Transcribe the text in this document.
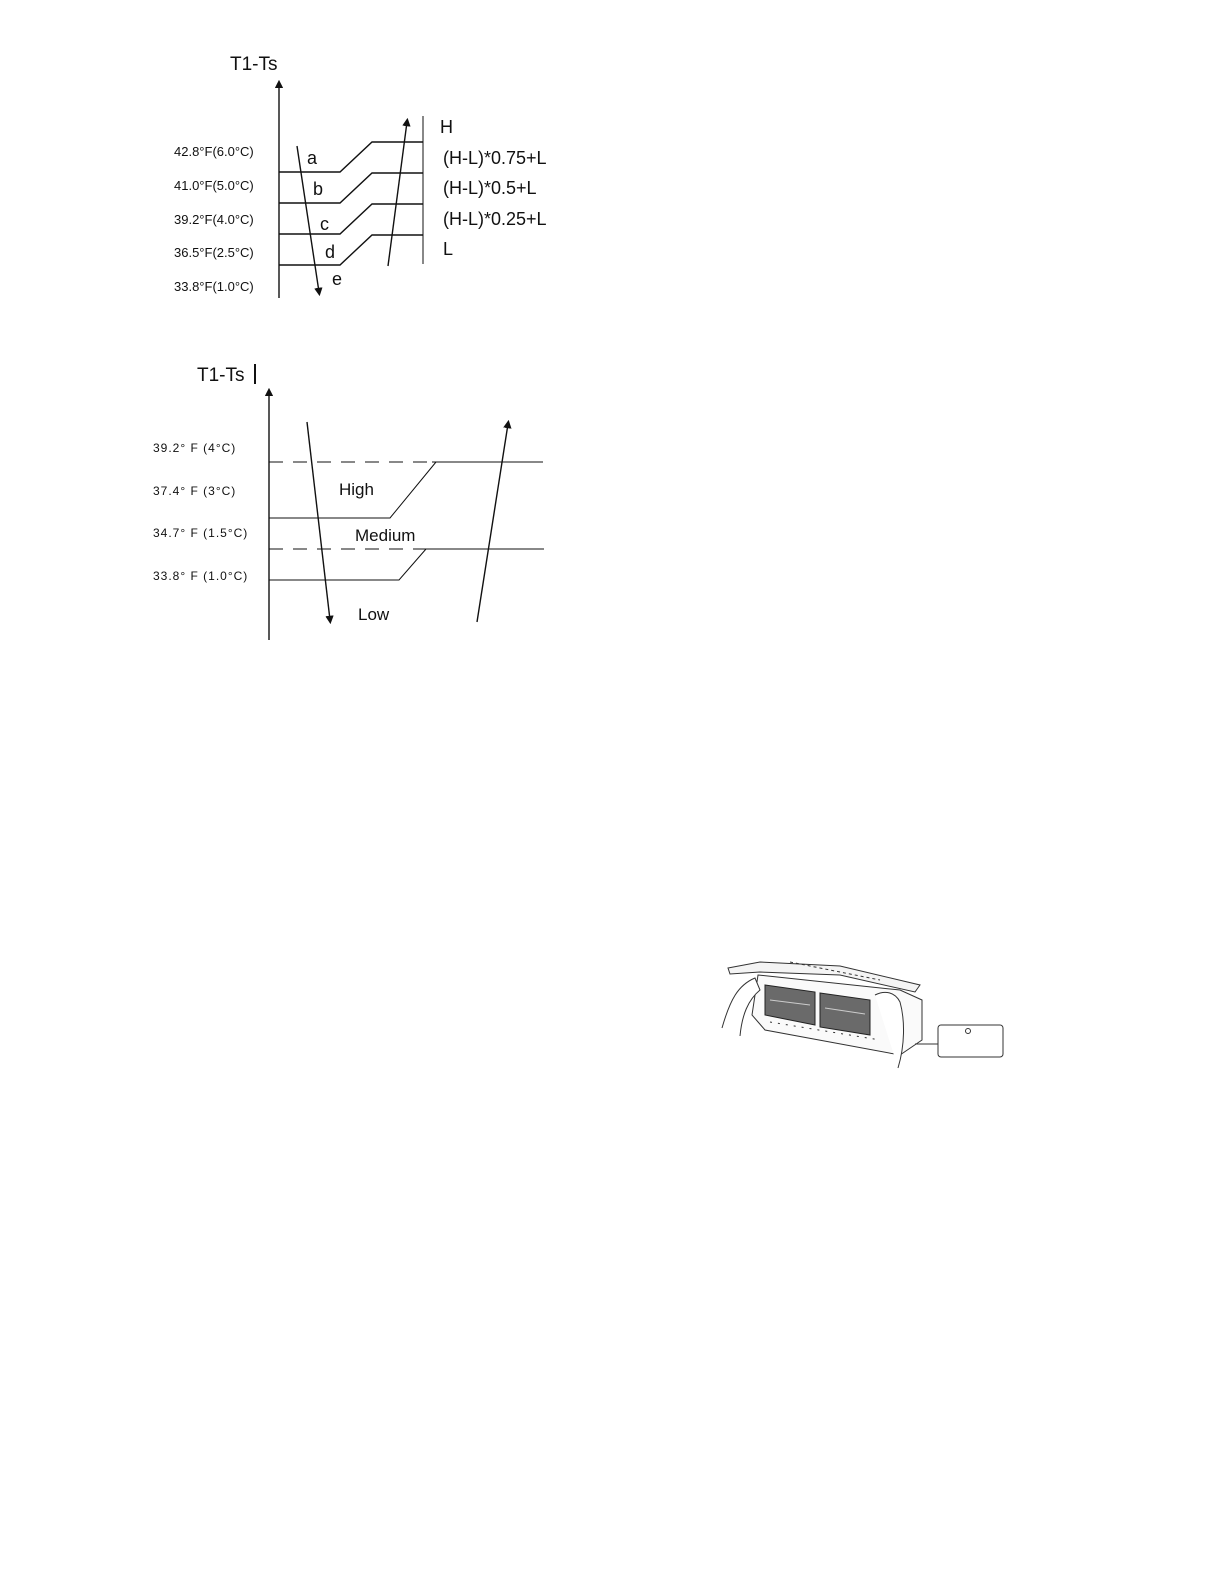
T1-Ts
42.8°F(6.0°C)
41.0°F(5.0°C)
39.2°F(4.0°C)
36.5°F(2.5°C)
33.8°F(1.0°C)
a
b
c
d
e
H
(H-L)*0.75+L
(H-L)*0.5+L
(H-L)*0.25+L
L
T1-Ts
39.2° F (4°C)
37.4° F (3°C)
34.7° F (1.5°C)
33.8° F (1.0°C)
High
Medium
Low
